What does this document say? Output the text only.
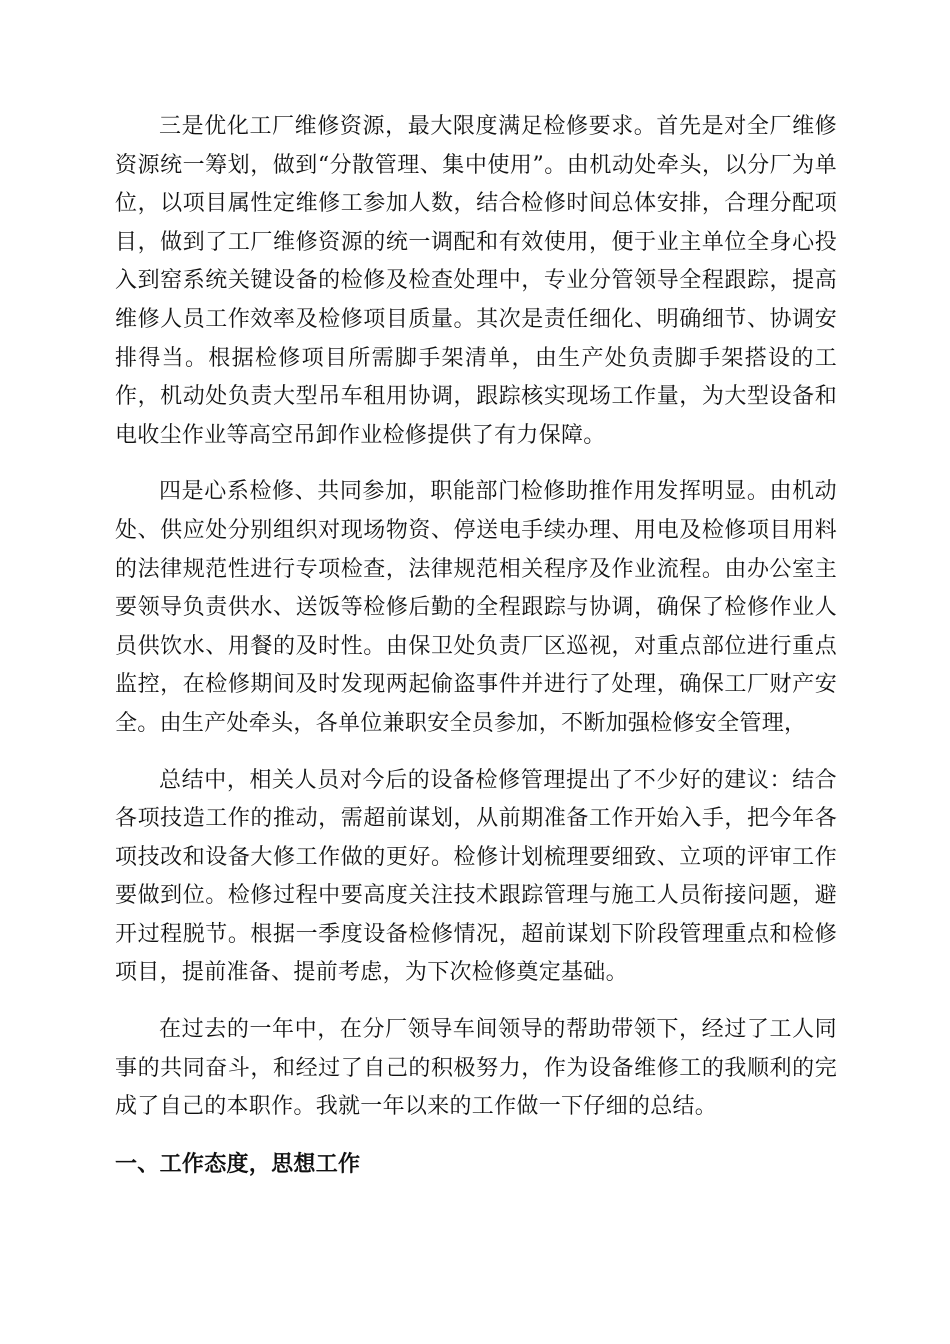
三是优化工厂维修资源，最大限度满足检修要求。首先是对全厂维修资源统一筹划，做到“分散管理、集中使用”。由机动处牵头，以分厂为单位，以项目属性定维修工参加人数，结合检修时间总体安排，合理分配项目，做到了工厂维修资源的统一调配和有效使用，便于业主单位全身心投入到窑系统关键设备的检修及检查处理中，专业分管领导全程跟踪，提高维修人员工作效率及检修项目质量。其次是责任细化、明确细节、协调安排得当。根据检修项目所需脚手架清单，由生产处负责脚手架搭设的工作，机动处负责大型吊车租用协调，跟踪核实现场工作量，为大型设备和电收尘作业等高空吊卸作业检修提供了有力保障。

四是心系检修、共同参加，职能部门检修助推作用发挥明显。由机动处、供应处分别组织对现场物资、停送电手续办理、用电及检修项目用料的法律规范性进行专项检查，法律规范相关程序及作业流程。由办公室主要领导负责供水、送饭等检修后勤的全程跟踪与协调，确保了检修作业人员供饮水、用餐的及时性。由保卫处负责厂区巡视，对重点部位进行重点监控，在检修期间及时发现两起偷盗事件并进行了处理，确保工厂财产安全。由生产处牵头，各单位兼职安全员参加，不断加强检修安全管理，

总结中，相关人员对今后的设备检修管理提出了不少好的建议：结合各项技造工作的推动，需超前谋划，从前期准备工作开始入手，把今年各项技改和设备大修工作做的更好。检修计划梳理要细致、立项的评审工作要做到位。检修过程中要高度关注技术跟踪管理与施工人员衔接问题，避开过程脱节。根据一季度设备检修情况，超前谋划下阶段管理重点和检修项目，提前准备、提前考虑，为下次检修奠定基础。

在过去的一年中，在分厂领导车间领导的帮助带领下，经过了工人同事的共同奋斗，和经过了自己的积极努力，作为设备维修工的我顺利的完成了自己的本职作。我就一年以来的工作做一下仔细的总结。

一、工作态度，思想工作
